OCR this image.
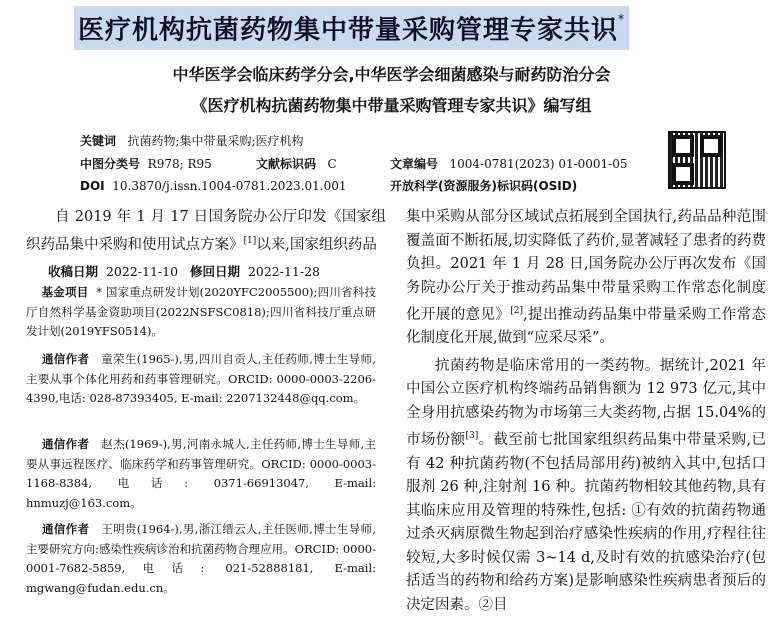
医疗机构抗菌药物集中带量采购管理专家共识*
中华医学会临床药学分会,中华医学会细菌感染与耐药防治分会
《医疗机构抗菌药物集中带量采购管理专家共识》编写组
关键词 抗菌药物;集中带量采购;医疗机构
中图分类号 R978; R95	文献标识码 C	文章编号 1004-0781(2023) 01-0001-05
DOI 10.3870/j.issn.1004-0781.2023.01.001	开放科学(资源服务)标识码(OSID)

自 2019 年 1 月 17 日国务院办公厅印发《国家组织药品集中采购和使用试点方案》[1]以来,国家组织药品

收稿日期 2022-11-10 修回日期 2022-11-28
基金项目 * 国家重点研发计划(2020YFC2005500);四川省科技厅自然科学基金资助项目(2022NSFSC0818);四川省科技厅重点研发计划(2019YFS0514)。
通信作者 童荣生(1965-),男,四川自贡人,主任药师,博士生导师,主要从事个体化用药和药事管理研究。ORCID: 0000-0003-2206-4390,电话: 028-87393405, E-mail: 2207132448@qq.com。
通信作者 赵杰(1969-),男,河南永城人,主任药师,博士生导师,主要从事远程医疗、临床药学和药事管理研究。ORCID: 0000-0003-1168-8384, 电话: 0371-66913047, E-mail: hnmuzj@163.com。
通信作者 王明贵(1964-),男,浙江缙云人,主任医师,博士生导师,主要研究方向:感染性疾病诊治和抗菌药物合理应用。ORCID: 0000-0001-7682-5859,电话: 021-52888181, E-mail: mgwang@fudan.edu.cn。

集中采购从部分区域试点拓展到全国执行,药品品种范围覆盖面不断拓展,切实降低了药价,显著减轻了患者的药费负担。2021 年 1 月 28 日,国务院办公厅再次发布《国务院办公厅关于推动药品集中带量采购工作常态化制度化开展的意见》[2],提出推动药品集中带量采购工作常态化制度化开展,做到“应采尽采”。

抗菌药物是临床常用的一类药物。据统计,2021 年中国公立医疗机构终端药品销售额为 12 973 亿元,其中全身用抗感染药物为市场第三大类药物,占据 15.04%的市场份额[3]。截至前七批国家组织药品集中带量采购,已有 42 种抗菌药物(不包括局部用药)被纳入其中,包括口服剂 26 种,注射剂 16 种。抗菌药物相较其他药物,具有其临床应用及管理的特殊性,包括: ①有效的抗菌药物通过杀灭病原微生物起到治疗感染性疾病的作用,疗程往往较短,大多时候仅需 3~14 d,及时有效的抗感染治疗(包括适当的药物和给药方案)是影响感染性疾病患者预后的决定因素。②目
